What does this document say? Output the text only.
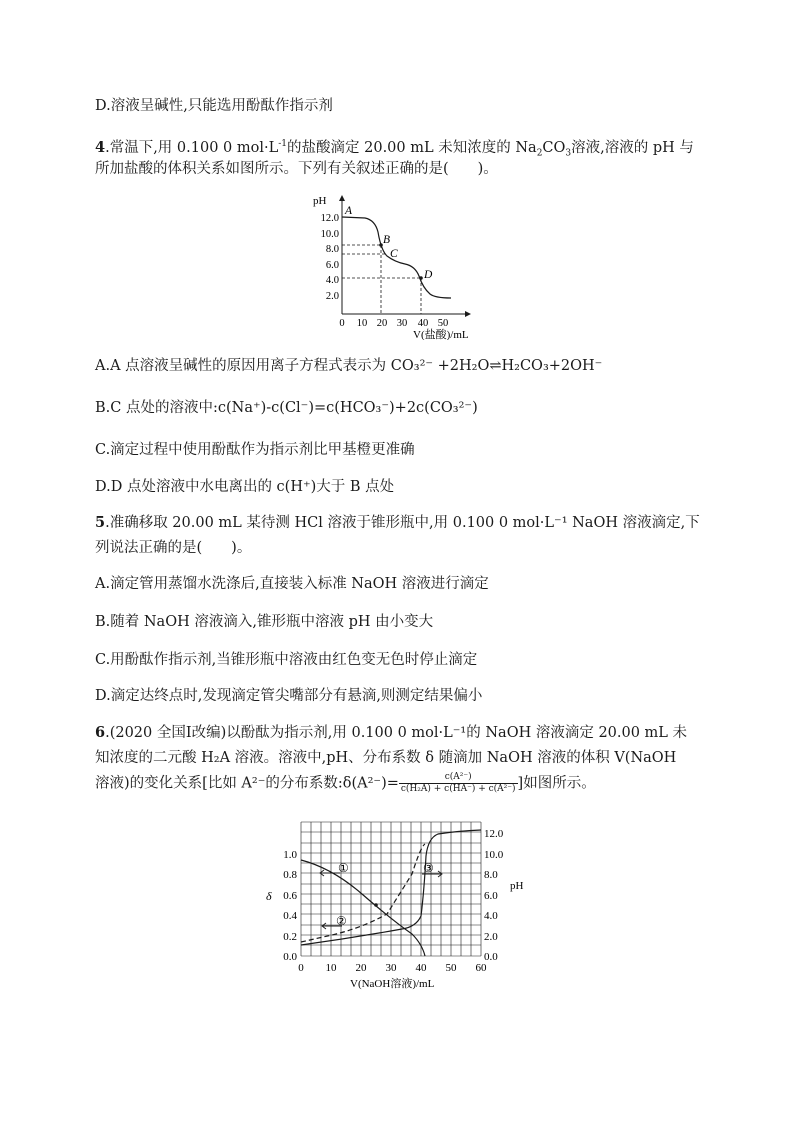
D.溶液呈碱性,只能选用酚酞作指示剂
4.常温下,用 0.100 0 $mol\cdot L^{-1}$的盐酸滴定 20.00 mL 未知浓度的 $Na_2CO_3$溶液,溶液的 pH 与
所加盐酸的体积关系如图所示。下列有关叙述正确的是(　　)。
pH
12.0
10.0
8.0
6.0
4.0
2.0
0 10 20 30 40 50
V(盐酸)/mL
A
B
C
D
A.A 点溶液呈碱性的原因用离子方程式表示为 CO₃²⁻ +2H₂O⇌H₂CO₃+2OH⁻
B.C 点处的溶液中:c(Na⁺)-c(Cl⁻)=c(HCO₃⁻)+2c(CO₃²⁻)
C.滴定过程中使用酚酞作为指示剂比甲基橙更准确
D.D 点处溶液中水电离出的 c(H⁺)大于 B 点处
5.准确移取 20.00 mL 某待测 HCl 溶液于锥形瓶中,用 0.100 0 mol·L⁻¹ NaOH 溶液滴定,下
列说法正确的是(　　)。
A.滴定管用蒸馏水洗涤后,直接装入标准 NaOH 溶液进行滴定
B.随着 NaOH 溶液滴入,锥形瓶中溶液 pH 由小变大
C.用酚酞作指示剂,当锥形瓶中溶液由红色变无色时停止滴定
D.滴定达终点时,发现滴定管尖嘴部分有悬滴,则测定结果偏小
6.(2020 全国Ⅰ改编)以酚酞为指示剂,用 0.100 0 mol·L⁻¹的 NaOH 溶液滴定 20.00 mL 未
知浓度的二元酸 H₂A 溶液。溶液中,pH、分布系数 δ 随滴加 NaOH 溶液的体积 V(NaOH
溶液)的变化关系[比如 A²⁻的分布系数:δ(A²⁻)= $\frac{\text{c(A²⁻)}}{\text{c(H₂A) + c(HA⁻) + c(A²⁻)}}$ ]如图所示。
1.0
0.8
0.6
0.4
0.2
0.0
δ
12.0
10.0
8.0
6.0
4.0
2.0
0.0
pH
0 10 20 30 40 50 60
V(NaOH溶液)/mL
①
②
③
